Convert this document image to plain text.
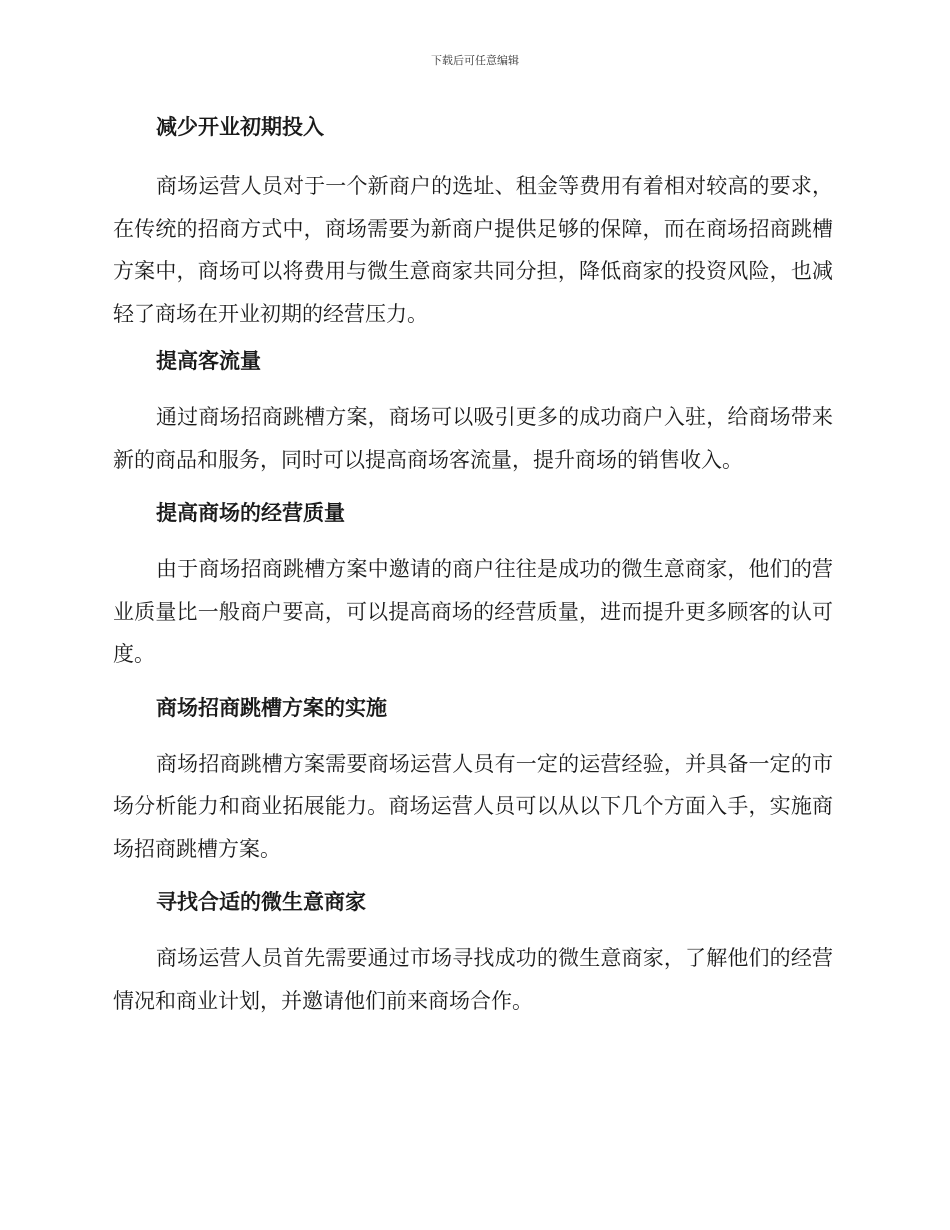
下载后可任意编辑
减少开业初期投入

商场运营人员对于一个新商户的选址、租金等费用有着相对较高的要求，在传统的招商方式中，商场需要为新商户提供足够的保障，而在商场招商跳槽方案中，商场可以将费用与微生意商家共同分担，降低商家的投资风险，也减轻了商场在开业初期的经营压力。

提高客流量

通过商场招商跳槽方案，商场可以吸引更多的成功商户入驻，给商场带来新的商品和服务，同时可以提高商场客流量，提升商场的销售收入。

提高商场的经营质量

由于商场招商跳槽方案中邀请的商户往往是成功的微生意商家，他们的营业质量比一般商户要高，可以提高商场的经营质量，进而提升更多顾客的认可度。

商场招商跳槽方案的实施

商场招商跳槽方案需要商场运营人员有一定的运营经验，并具备一定的市场分析能力和商业拓展能力。商场运营人员可以从以下几个方面入手，实施商场招商跳槽方案。

寻找合适的微生意商家

商场运营人员首先需要通过市场寻找成功的微生意商家，了解他们的经营情况和商业计划，并邀请他们前来商场合作。
